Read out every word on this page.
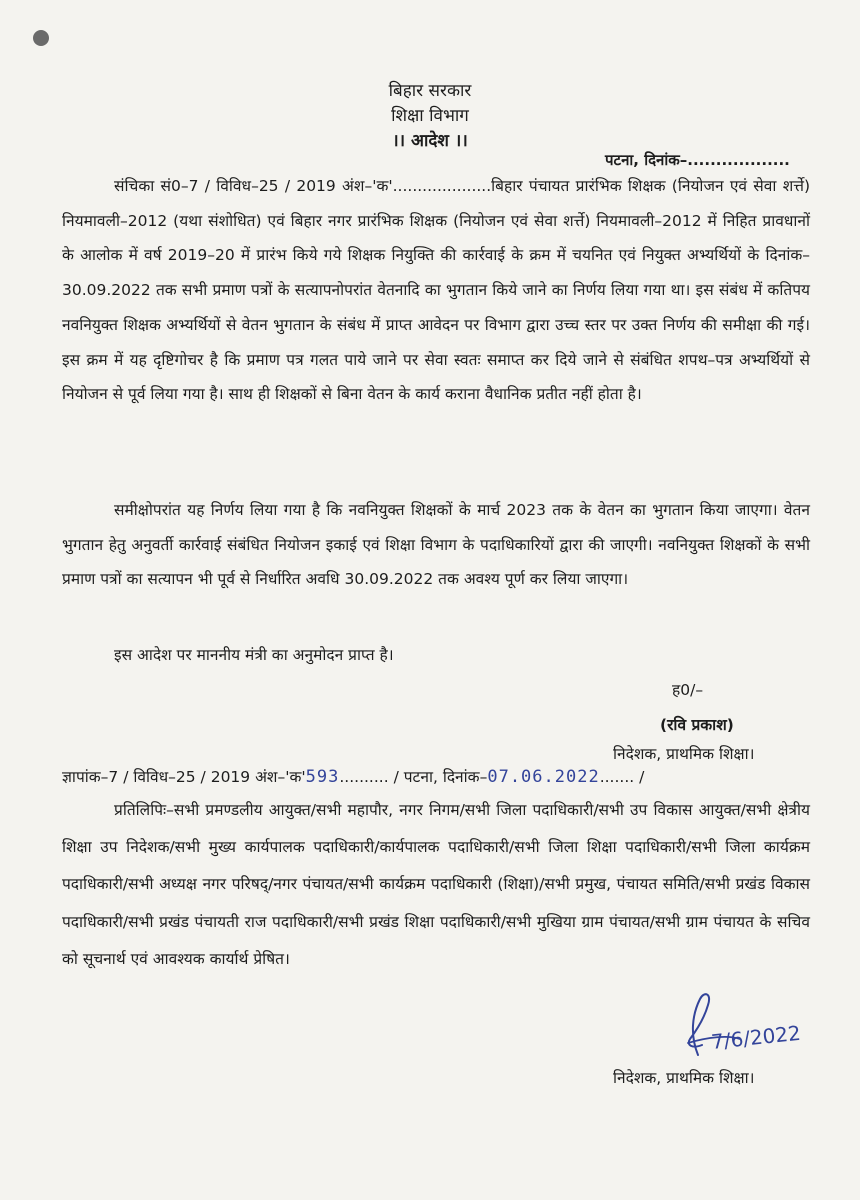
बिहार सरकार
शिक्षा विभाग
।। आदेश ।।
पटना, दिनांक–..................

संचिका सं0–7 / विविध–25 / 2019 अंश–'क'....................बिहार पंचायत प्रारंभिक शिक्षक (नियोजन एवं सेवा शर्त्ते) नियमावली–2012 (यथा संशोधित) एवं बिहार नगर प्रारंभिक शिक्षक (नियोजन एवं सेवा शर्त्ते) नियमावली–2012 में निहित प्रावधानों के आलोक में वर्ष 2019–20 में प्रारंभ किये गये शिक्षक नियुक्ति की कार्रवाई के क्रम में चयनित एवं नियुक्त अभ्यर्थियों के दिनांक–30.09.2022 तक सभी प्रमाण पत्रों के सत्यापनोपरांत वेतनादि का भुगतान किये जाने का निर्णय लिया गया था। इस संबंध में कतिपय नवनियुक्त शिक्षक अभ्यर्थियों से वेतन भुगतान के संबंध में प्राप्त आवेदन पर विभाग द्वारा उच्च स्तर पर उक्त निर्णय की समीक्षा की गई। इस क्रम में यह दृष्टिगोचर है कि प्रमाण पत्र गलत पाये जाने पर सेवा स्वतः समाप्त कर दिये जाने से संबंधित शपथ–पत्र अभ्यर्थियों से नियोजन से पूर्व लिया गया है। साथ ही शिक्षकों से बिना वेतन के कार्य कराना वैधानिक प्रतीत नहीं होता है।

समीक्षोपरांत यह निर्णय लिया गया है कि नवनियुक्त शिक्षकों के मार्च 2023 तक के वेतन का भुगतान किया जाएगा। वेतन भुगतान हेतु अनुवर्ती कार्रवाई संबंधित नियोजन इकाई एवं शिक्षा विभाग के पदाधिकारियों द्वारा की जाएगी। नवनियुक्त शिक्षकों के सभी प्रमाण पत्रों का सत्यापन भी पूर्व से निर्धारित अवधि 30.09.2022 तक अवश्य पूर्ण कर लिया जाएगा।

इस आदेश पर माननीय मंत्री का अनुमोदन प्राप्त है।

ह0/–
(रवि प्रकाश)
निदेशक, प्राथमिक शिक्षा।
ज्ञापांक–7 / विविध–25 / 2019 अंश–'क'593.......... / पटना, दिनांक–07.06.2022....... /

प्रतिलिपिः–सभी प्रमण्डलीय आयुक्त/सभी महापौर, नगर निगम/सभी जिला पदाधिकारी/सभी उप विकास आयुक्त/सभी क्षेत्रीय शिक्षा उप निदेशक/सभी मुख्य कार्यपालक पदाधिकारी/कार्यपालक पदाधिकारी/सभी जिला शिक्षा पदाधिकारी/सभी जिला कार्यक्रम पदाधिकारी/सभी अध्यक्ष नगर परिषद्/नगर पंचायत/सभी कार्यक्रम पदाधिकारी (शिक्षा)/सभी प्रमुख, पंचायत समिति/सभी प्रखंड विकास पदाधिकारी/सभी प्रखंड पंचायती राज पदाधिकारी/सभी प्रखंड शिक्षा पदाधिकारी/सभी मुखिया ग्राम पंचायत/सभी ग्राम पंचायत के सचिव को सूचनार्थ एवं आवश्यक कार्यार्थ प्रेषित।

7/6/2022
निदेशक, प्राथमिक शिक्षा।
